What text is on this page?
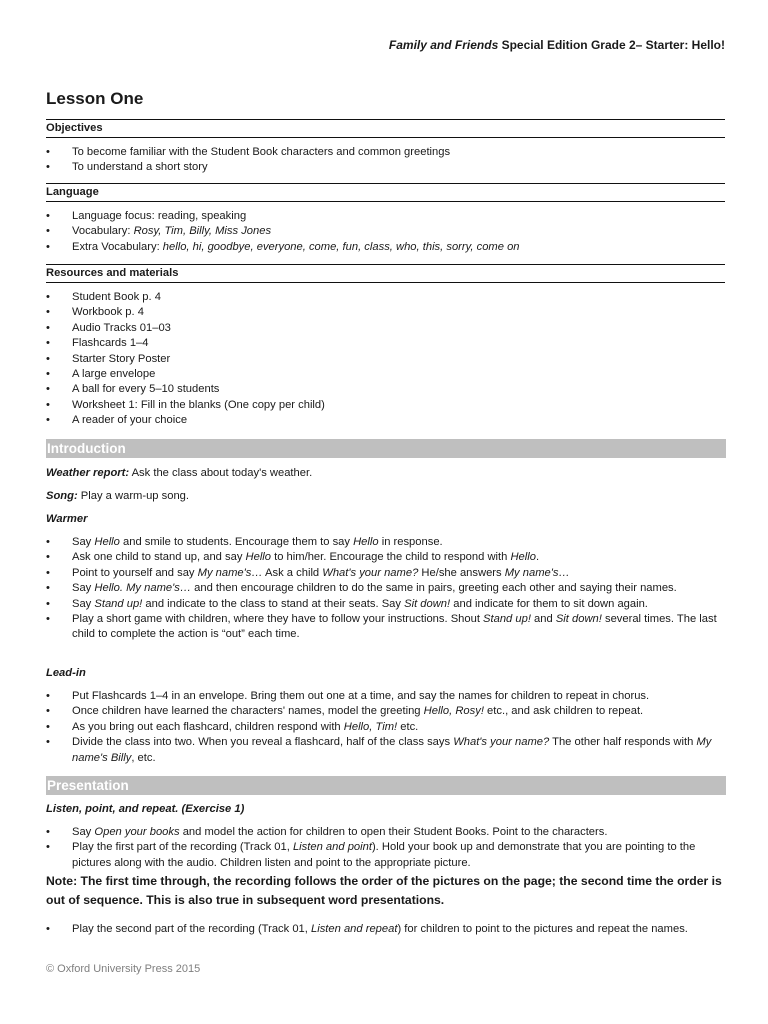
Family and Friends Special Edition Grade 2– Starter: Hello!
Lesson One
Objectives
• To become familiar with the Student Book characters and common greetings
• To understand a short story
Language
• Language focus: reading, speaking
• Vocabulary: Rosy, Tim, Billy, Miss Jones
• Extra Vocabulary: hello, hi, goodbye, everyone, come, fun, class, who, this, sorry, come on
Resources and materials
• Student Book p. 4
• Workbook p. 4
• Audio Tracks 01–03
• Flashcards 1–4
• Starter Story Poster
• A large envelope
• A ball for every 5–10 students
• Worksheet 1: Fill in the blanks (One copy per child)
• A reader of your choice
Introduction
Weather report: Ask the class about today's weather.
Song: Play a warm-up song.
Warmer
• Say Hello and smile to students. Encourage them to say Hello in response.
• Ask one child to stand up, and say Hello to him/her. Encourage the child to respond with Hello.
• Point to yourself and say My name's… Ask a child What's your name? He/she answers My name's…
• Say Hello. My name's… and then encourage children to do the same in pairs, greeting each other and saying their names.
• Say Stand up! and indicate to the class to stand at their seats. Say Sit down! and indicate for them to sit down again.
• Play a short game with children, where they have to follow your instructions. Shout Stand up! and Sit down! several times. The last child to complete the action is “out” each time.
Lead-in
• Put Flashcards 1–4 in an envelope. Bring them out one at a time, and say the names for children to repeat in chorus.
• Once children have learned the characters' names, model the greeting Hello, Rosy! etc., and ask children to repeat.
• As you bring out each flashcard, children respond with Hello, Tim! etc.
• Divide the class into two. When you reveal a flashcard, half of the class says What's your name? The other half responds with My name's Billy, etc.
Presentation
Listen, point, and repeat. (Exercise 1)
• Say Open your books and model the action for children to open their Student Books. Point to the characters.
• Play the first part of the recording (Track 01, Listen and point). Hold your book up and demonstrate that you are pointing to the pictures along with the audio. Children listen and point to the appropriate picture.
Note: The first time through, the recording follows the order of the pictures on the page; the second time the order is out of sequence. This is also true in subsequent word presentations.
• Play the second part of the recording (Track 01, Listen and repeat) for children to point to the pictures and repeat the names.
© Oxford University Press 2015
